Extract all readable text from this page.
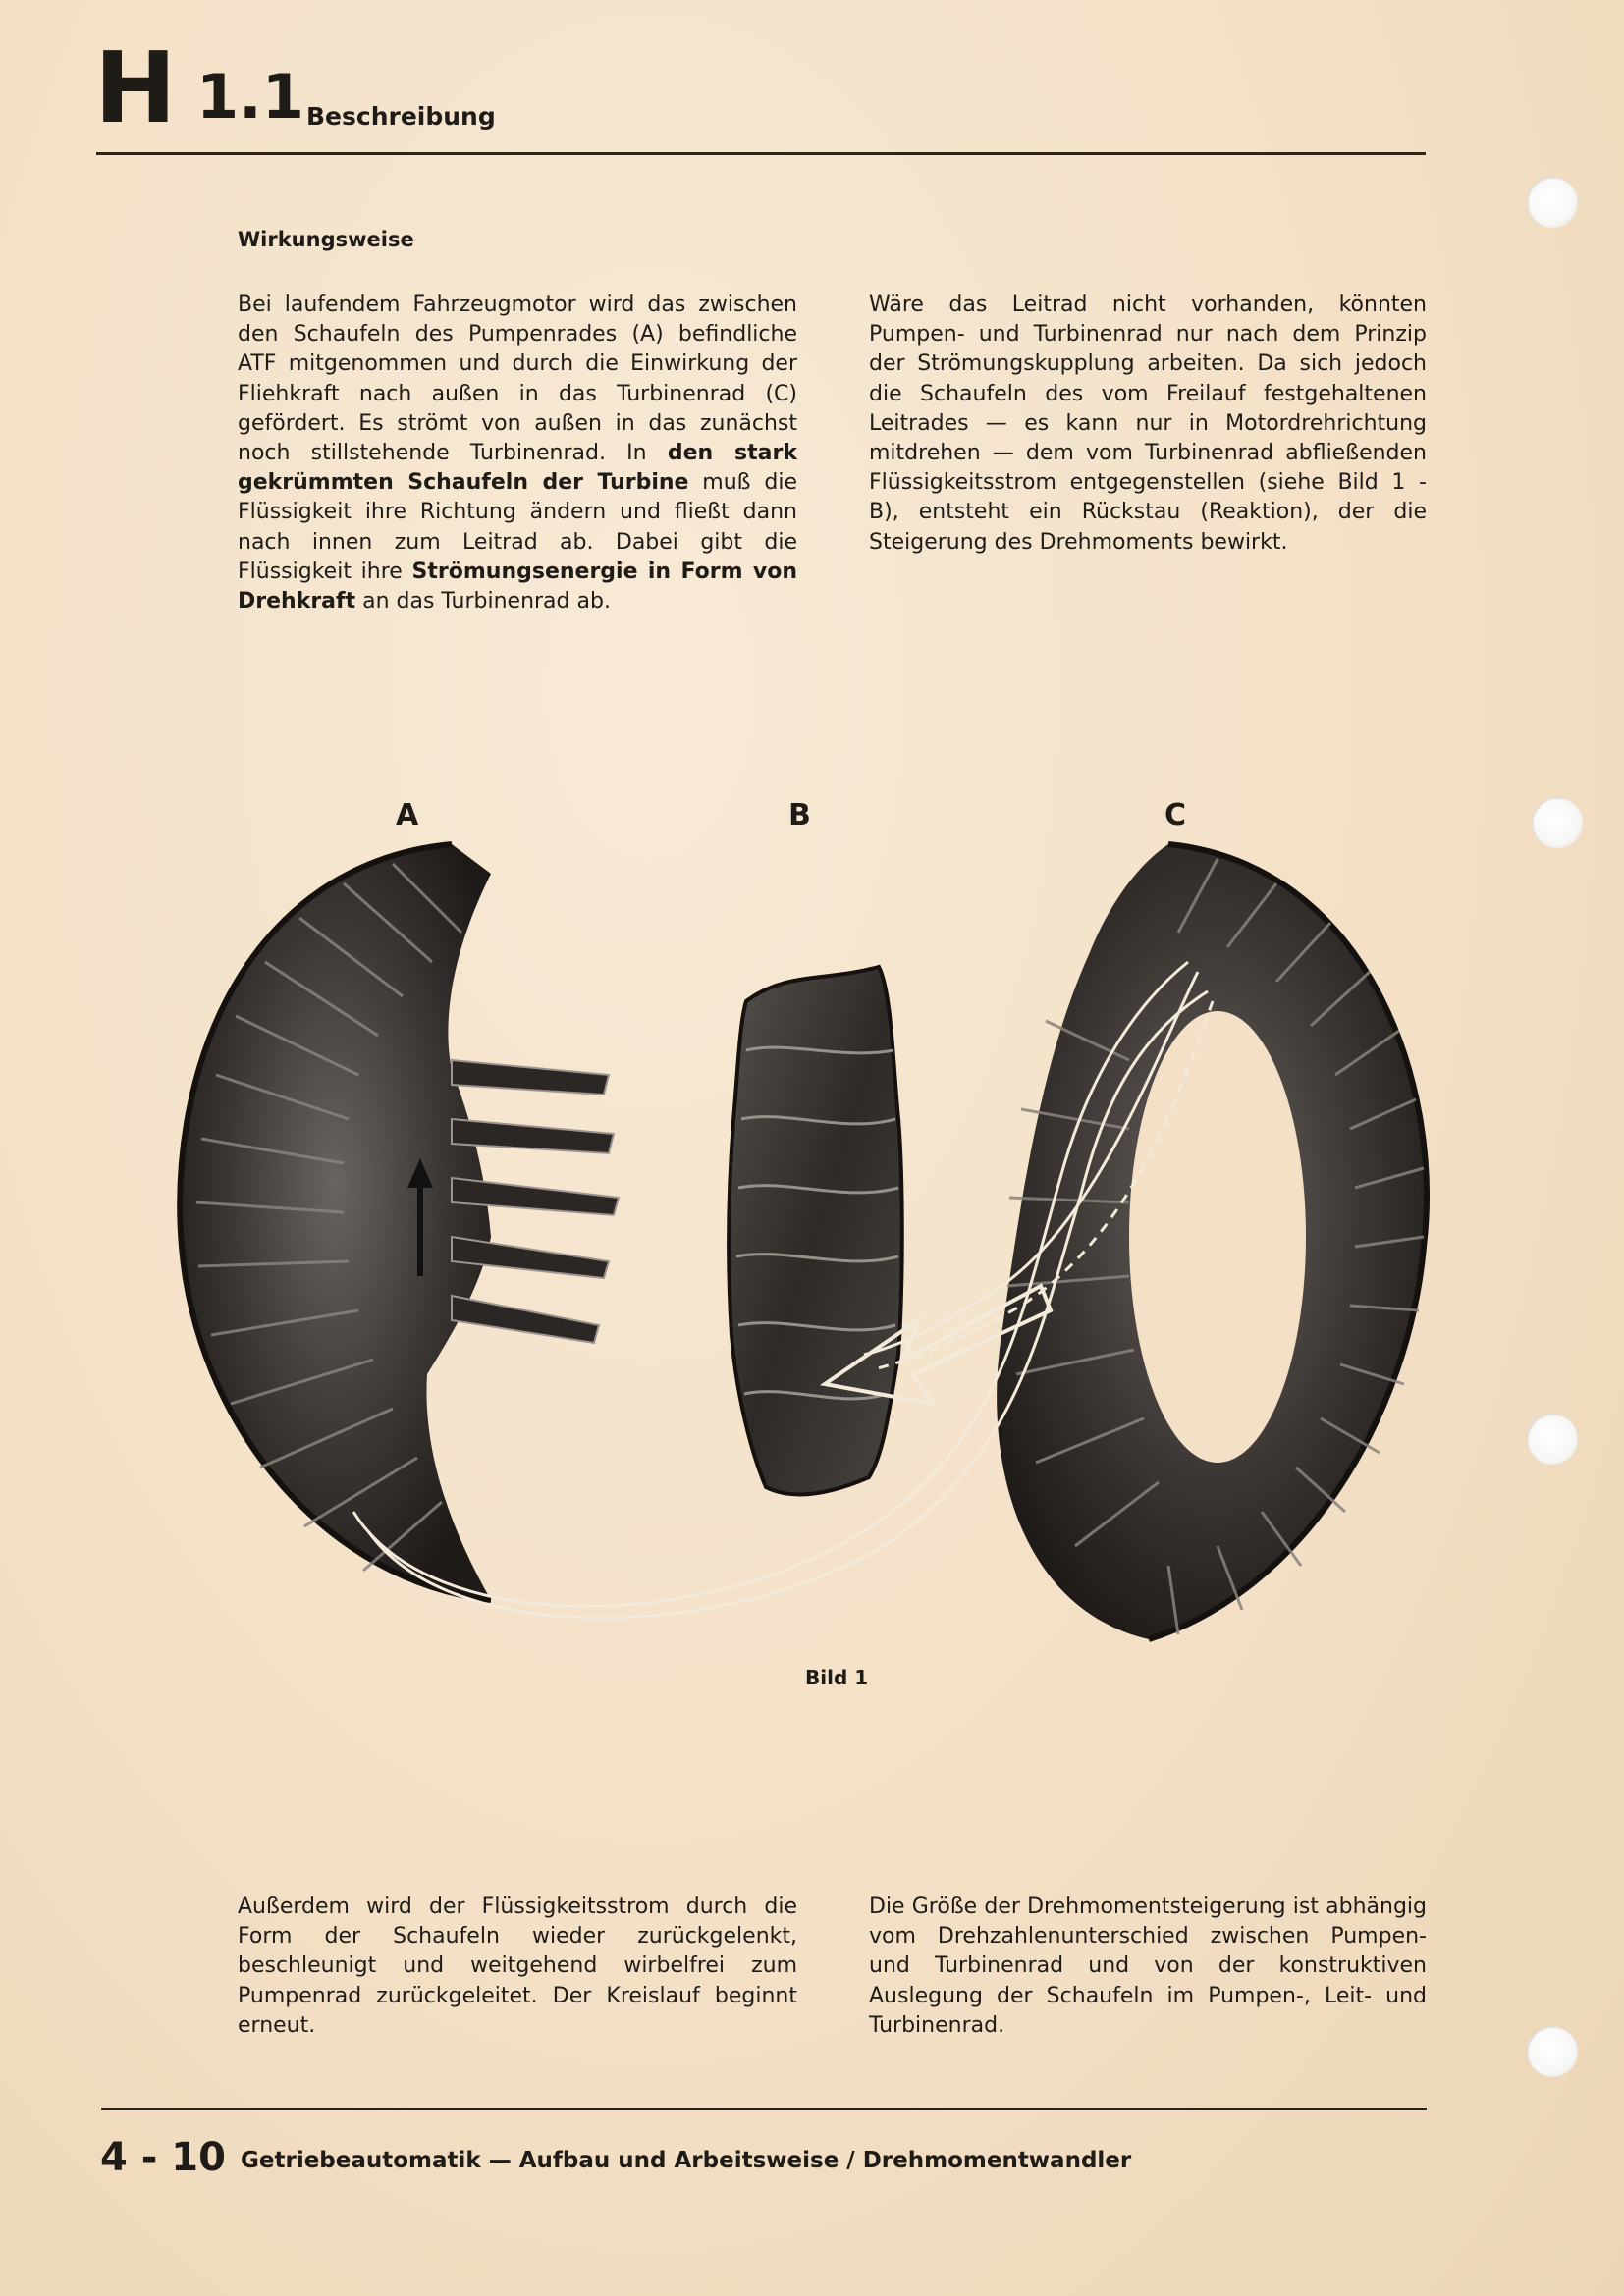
H 1.1 Beschreibung
Wirkungsweise

Bei laufendem Fahrzeugmotor wird das zwischen den Schaufeln des Pumpenrades (A) befindliche ATF mitgenommen und durch die Einwirkung der Fliehkraft nach außen in das Turbinenrad (C) gefördert. Es strömt von außen in das zunächst noch stillstehende Turbinenrad. In den stark gekrümmten Schaufeln der Turbine muß die Flüssigkeit ihre Richtung ändern und fließt dann nach innen zum Leitrad ab. Dabei gibt die Flüssigkeit ihre Strömungsenergie in Form von Drehkraft an das Turbinenrad ab.

Wäre das Leitrad nicht vorhanden, könnten Pumpen- und Turbinenrad nur nach dem Prinzip der Strömungskupplung arbeiten. Da sich jedoch die Schaufeln des vom Freilauf festgehaltenen Leitrades — es kann nur in Motordrehrichtung mitdrehen — dem vom Turbinenrad abfließenden Flüssigkeitsstrom entgegenstellen (siehe Bild 1 - B), entsteht ein Rückstau (Reaktion), der die Steigerung des Drehmoments bewirkt.

A	B	C
Bild 1

Außerdem wird der Flüssigkeitsstrom durch die Form der Schaufeln wieder zurückgelenkt, beschleunigt und weitgehend wirbelfrei zum Pumpenrad zurückgeleitet. Der Kreislauf beginnt erneut.

Die Größe der Drehmomentsteigerung ist abhängig vom Drehzahlenunterschied zwischen Pumpen- und Turbinenrad und von der konstruktiven Auslegung der Schaufeln im Pumpen-, Leit- und Turbinenrad.

4 - 10 Getriebeautomatik — Aufbau und Arbeitsweise / Drehmomentwandler
